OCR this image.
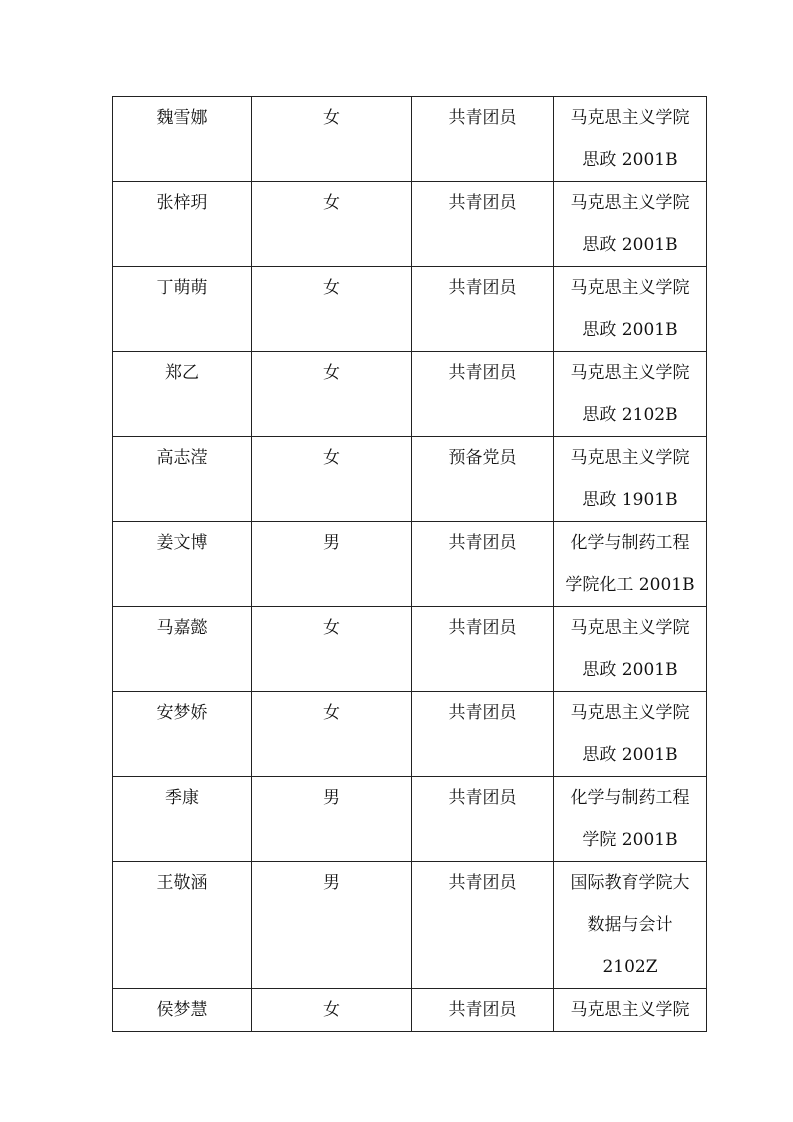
魏雪娜	女	共青团员	马克思主义学院
思政 2001B

张梓玥	女	共青团员	马克思主义学院
思政 2001B

丁萌萌	女	共青团员	马克思主义学院
思政 2001B

郑乙	女	共青团员	马克思主义学院
思政 2102B

高志滢	女	预备党员	马克思主义学院
思政 1901B

姜文博	男	共青团员	化学与制药工程
学院化工 2001B

马嘉懿	女	共青团员	马克思主义学院
思政 2001B

安梦娇	女	共青团员	马克思主义学院
思政 2001B

季康	男	共青团员	化学与制药工程
学院 2001B

王敬涵	男	共青团员	国际教育学院大
数据与会计
2102Z

侯梦慧	女	共青团员	马克思主义学院
